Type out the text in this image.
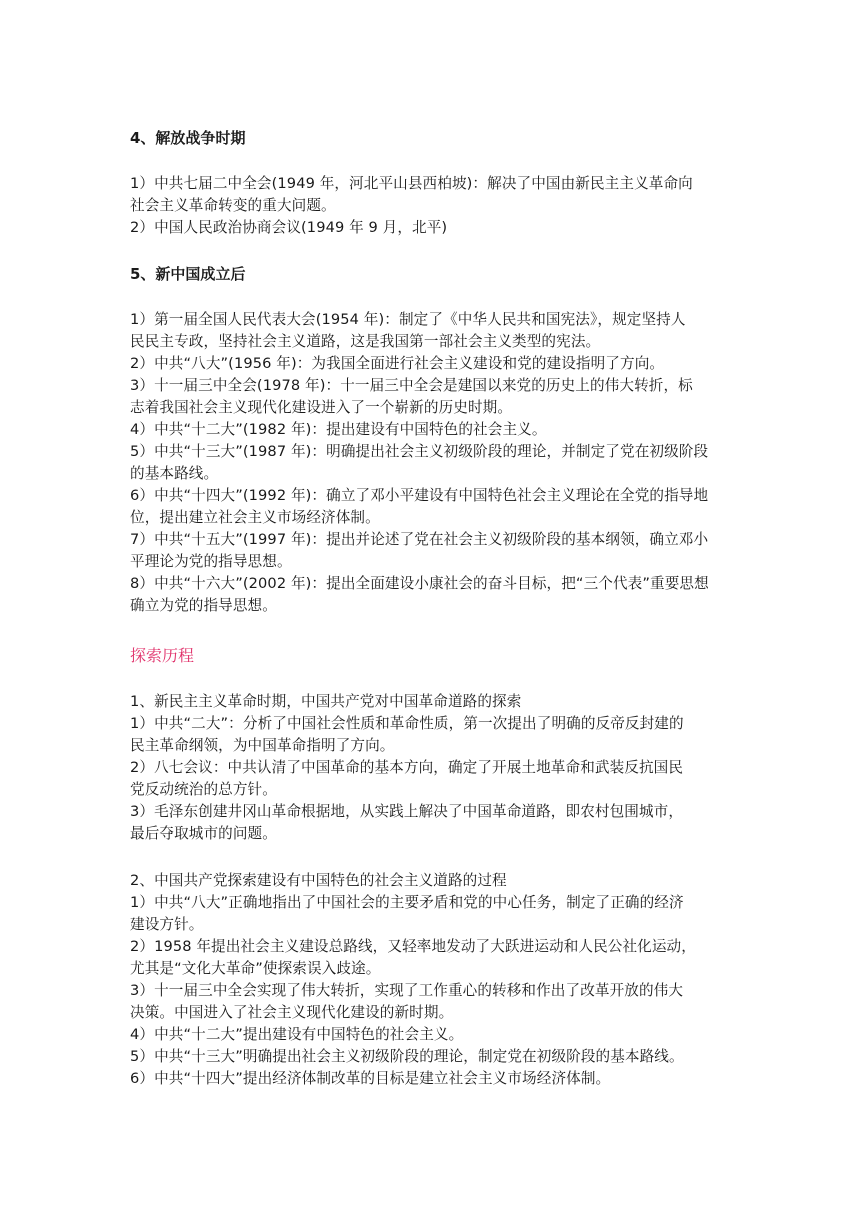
4、解放战争时期
1）中共七届二中全会(1949 年，河北平山县西柏坡)：解决了中国由新民主主义革命向
社会主义革命转变的重大问题。
2）中国人民政治协商会议(1949 年 9 月，北平)
5、新中国成立后
1）第一届全国人民代表大会(1954 年)：制定了《中华人民共和国宪法》，规定坚持人
民民主专政，坚持社会主义道路，这是我国第一部社会主义类型的宪法。
2）中共“八大”(1956 年)：为我国全面进行社会主义建设和党的建设指明了方向。
3）十一届三中全会(1978 年)：十一届三中全会是建国以来党的历史上的伟大转折，标
志着我国社会主义现代化建设进入了一个崭新的历史时期。
4）中共“十二大”(1982 年)：提出建设有中国特色的社会主义。
5）中共“十三大”(1987 年)：明确提出社会主义初级阶段的理论，并制定了党在初级阶段
的基本路线。
6）中共“十四大”(1992 年)：确立了邓小平建设有中国特色社会主义理论在全党的指导地
位，提出建立社会主义市场经济体制。
7）中共“十五大”(1997 年)：提出并论述了党在社会主义初级阶段的基本纲领，确立邓小
平理论为党的指导思想。
8）中共“十六大”(2002 年)：提出全面建设小康社会的奋斗目标，把“三个代表”重要思想
确立为党的指导思想。
探索历程
1、新民主主义革命时期，中国共产党对中国革命道路的探索
1）中共“二大”：分析了中国社会性质和革命性质，第一次提出了明确的反帝反封建的
民主革命纲领，为中国革命指明了方向。
2）八七会议：中共认清了中国革命的基本方向，确定了开展土地革命和武装反抗国民
党反动统治的总方针。
3）毛泽东创建井冈山革命根据地，从实践上解决了中国革命道路，即农村包围城市，
最后夺取城市的问题。
2、中国共产党探索建设有中国特色的社会主义道路的过程
1）中共“八大”正确地指出了中国社会的主要矛盾和党的中心任务，制定了正确的经济
建设方针。
2）1958 年提出社会主义建设总路线，又轻率地发动了大跃进运动和人民公社化运动，
尤其是“文化大革命”使探索误入歧途。
3）十一届三中全会实现了伟大转折，实现了工作重心的转移和作出了改革开放的伟大
决策。中国进入了社会主义现代化建设的新时期。
4）中共“十二大”提出建设有中国特色的社会主义。
5）中共“十三大”明确提出社会主义初级阶段的理论，制定党在初级阶段的基本路线。
6）中共“十四大”提出经济体制改革的目标是建立社会主义市场经济体制。
